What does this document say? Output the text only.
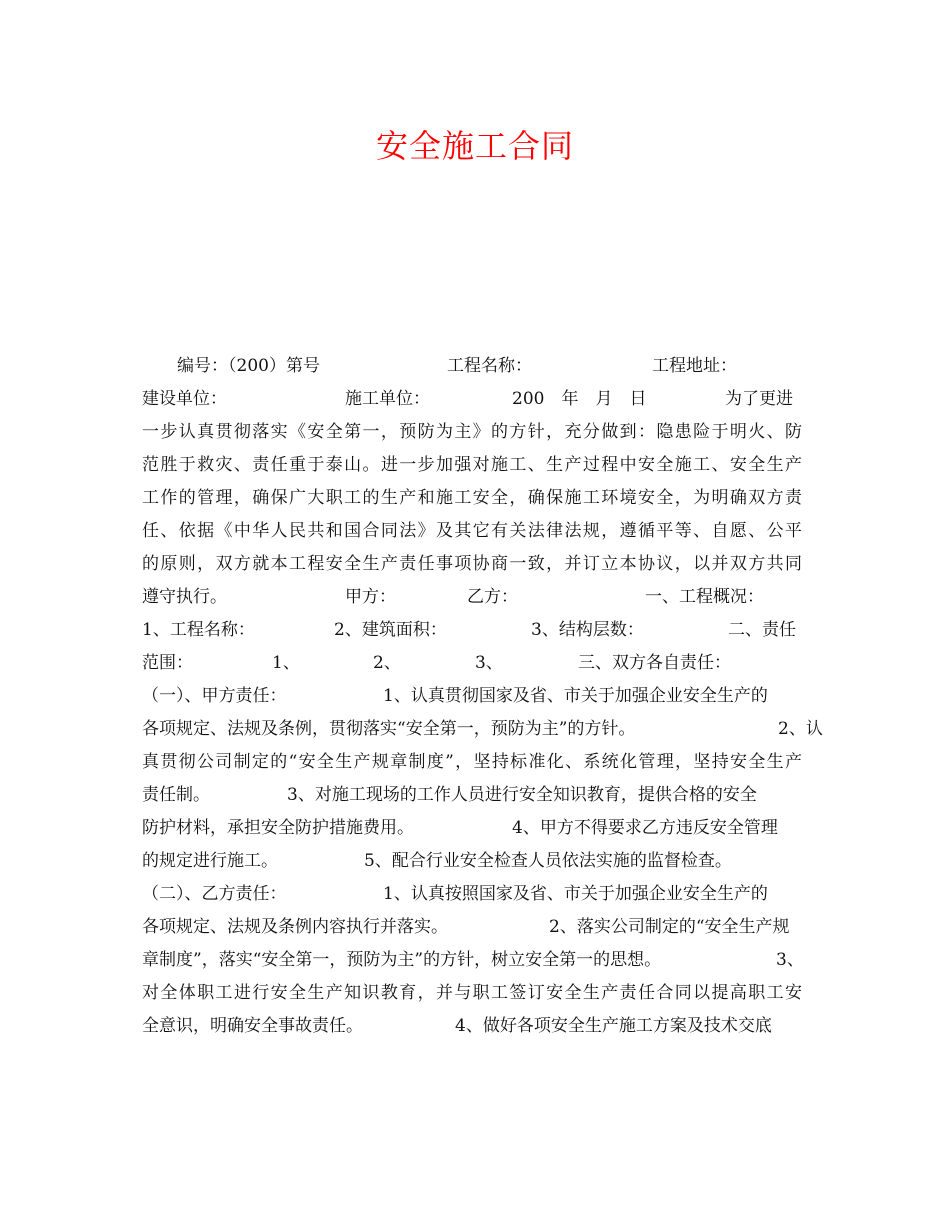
安全施工合同
编号：（200）第号	工程名称：	工程地址：
建设单位：	施工单位：	200　年　月　日	为了更进
一步认真贯彻落实《安全第一，预防为主》的方针，充分做到：隐患险于明火、防
范胜于救灾、责任重于泰山。进一步加强对施工、生产过程中安全施工、安全生产
工作的管理，确保广大职工的生产和施工安全，确保施工环境安全，为明确双方责
任、依据《中华人民共和国合同法》及其它有关法律法规，遵循平等、自愿、公平
的原则，双方就本工程安全生产责任事项协商一致，并订立本协议，以并双方共同
遵守执行。	甲方：	乙方：	一、工程概况：
1、工程名称：	2、建筑面积：	3、结构层数：	二、责任
范围：	1、	2、	3、	三、双方各自责任：
（一）、甲方责任：	1、认真贯彻国家及省、市关于加强企业安全生产的
各项规定、法规及条例，贯彻落实“安全第一，预防为主”的方针。	2、认
真贯彻公司制定的“安全生产规章制度”，坚持标准化、系统化管理，坚持安全生产
责任制。	3、对施工现场的工作人员进行安全知识教育，提供合格的安全
防护材料，承担安全防护措施费用。	4、甲方不得要求乙方违反安全管理
的规定进行施工。	5、配合行业安全检查人员依法实施的监督检查。
（二）、乙方责任：	1、认真按照国家及省、市关于加强企业安全生产的
各项规定、法规及条例内容执行并落实。	2、落实公司制定的“安全生产规
章制度”，落实“安全第一，预防为主”的方针，树立安全第一的思想。	3、
对全体职工进行安全生产知识教育，并与职工签订安全生产责任合同以提高职工安
全意识，明确安全事故责任。	4、做好各项安全生产施工方案及技术交底
